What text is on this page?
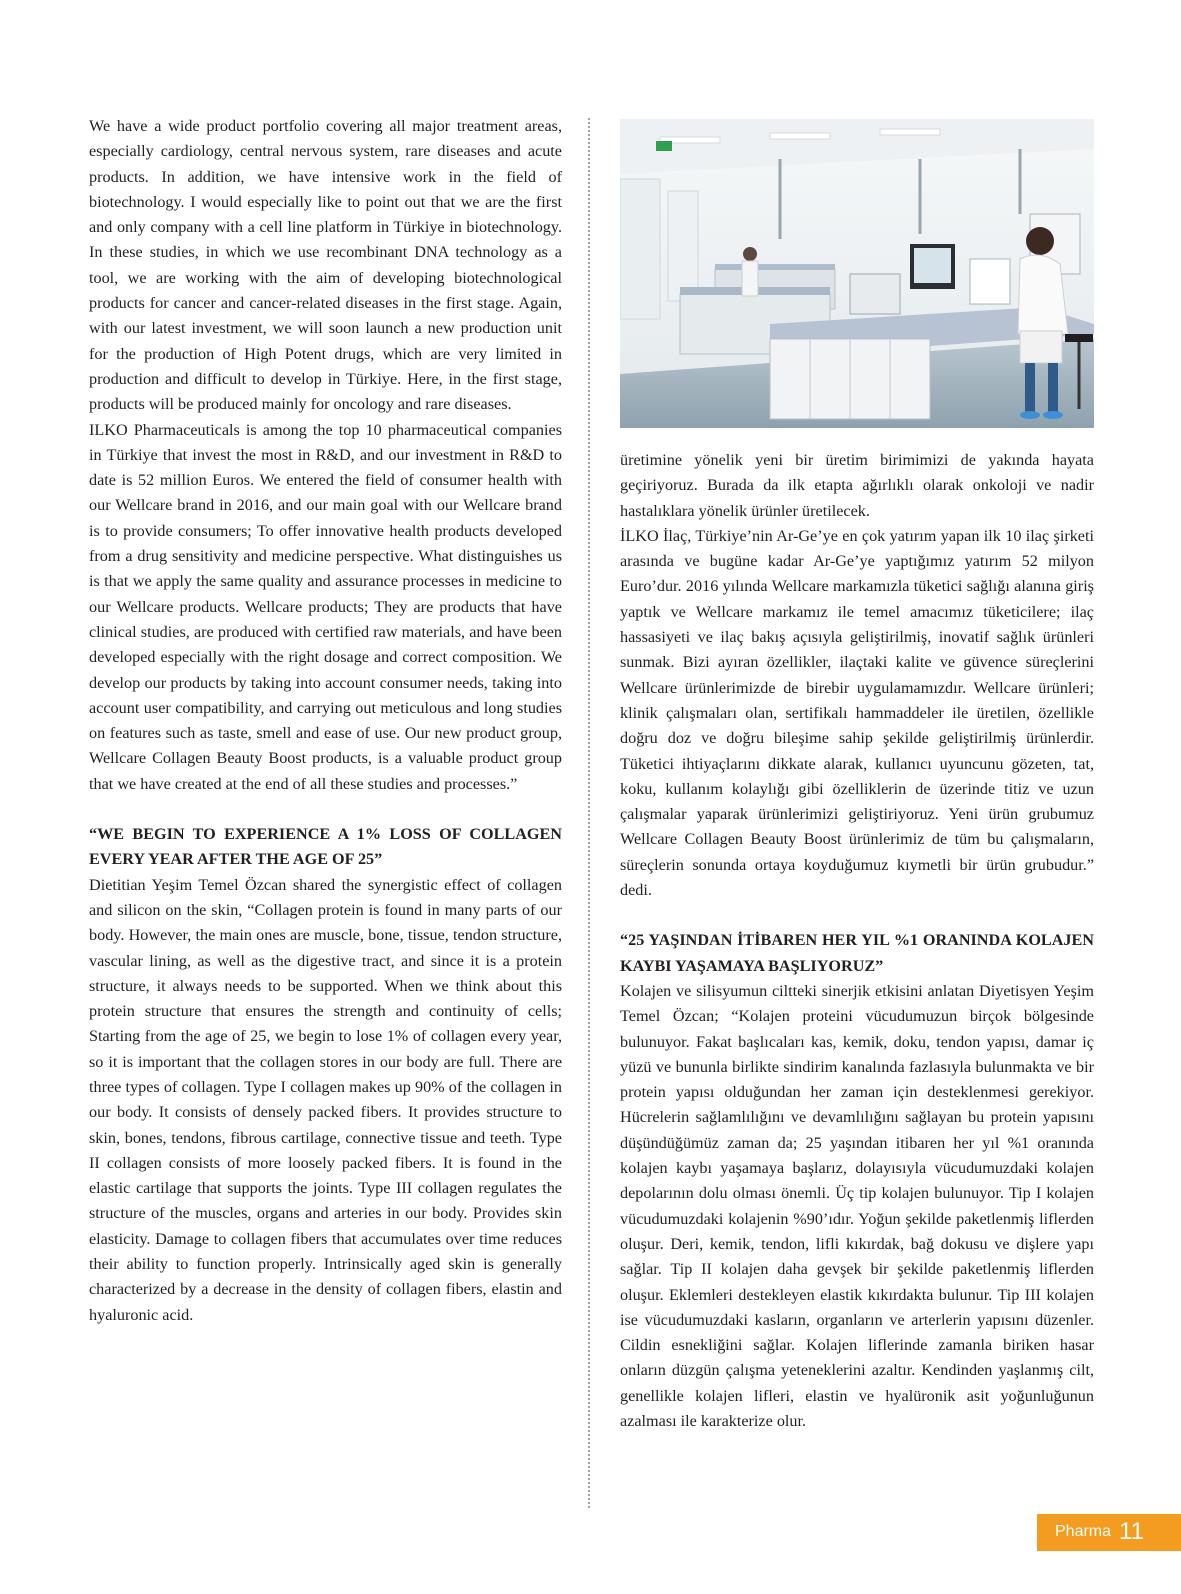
We have a wide product portfolio covering all major treatment areas, especially cardiology, central nervous system, rare diseases and acute products. In addition, we have intensive work in the field of biotechnology. I would especially like to point out that we are the first and only company with a cell line platform in Türkiye in biotechnology. In these studies, in which we use recombinant DNA technology as a tool, we are working with the aim of developing biotechnological products for cancer and cancer-related diseases in the first stage. Again, with our latest investment, we will soon launch a new production unit for the production of High Potent drugs, which are very limited in production and difficult to develop in Türkiye. Here, in the first stage, products will be produced mainly for oncology and rare diseases.

ILKO Pharmaceuticals is among the top 10 pharmaceutical companies in Türkiye that invest the most in R&D, and our investment in R&D to date is 52 million Euros. We entered the field of consumer health with our Wellcare brand in 2016, and our main goal with our Wellcare brand is to provide consumers; To offer innovative health products developed from a drug sensitivity and medicine perspective. What distinguishes us is that we apply the same quality and assurance processes in medicine to our Wellcare products. Wellcare products; They are products that have clinical studies, are produced with certified raw materials, and have been developed especially with the right dosage and correct composition. We develop our products by taking into account consumer needs, taking into account user compatibility, and carrying out meticulous and long studies on features such as taste, smell and ease of use. Our new product group, Wellcare Collagen Beauty Boost products, is a valuable product group that we have created at the end of all these studies and processes.”

“WE BEGIN TO EXPERIENCE A 1% LOSS OF COLLAGEN EVERY YEAR AFTER THE AGE OF 25”

Dietitian Yeşim Temel Özcan shared the synergistic effect of collagen and silicon on the skin, “Collagen protein is found in many parts of our body. However, the main ones are muscle, bone, tissue, tendon structure, vascular lining, as well as the digestive tract, and since it is a protein structure, it always needs to be supported. When we think about this protein structure that ensures the strength and continuity of cells; Starting from the age of 25, we begin to lose 1% of collagen every year, so it is important that the collagen stores in our body are full. There are three types of collagen. Type I collagen makes up 90% of the collagen in our body. It consists of densely packed fibers. It provides structure to skin, bones, tendons, fibrous cartilage, connective tissue and teeth. Type II collagen consists of more loosely packed fibers. It is found in the elastic cartilage that supports the joints. Type III collagen regulates the structure of the muscles, organs and arteries in our body. Provides skin elasticity. Damage to collagen fibers that accumulates over time reduces their ability to function properly. Intrinsically aged skin is generally characterized by a decrease in the density of collagen fibers, elastin and hyaluronic acid.

üretimine yönelik yeni bir üretim birimimizi de yakında hayata geçiriyoruz. Burada da ilk etapta ağırlıklı olarak onkoloji ve nadir hastalıklara yönelik ürünler üretilecek.

İLKO İlaç, Türkiye’nin Ar-Ge’ye en çok yatırım yapan ilk 10 ilaç şirketi arasında ve bugüne kadar Ar-Ge’ye yaptığımız yatırım 52 milyon Euro’dur. 2016 yılında Wellcare markamızla tüketici sağlığı alanına giriş yaptık ve Wellcare markamız ile temel amacımız tüketicilere; ilaç hassasiyeti ve ilaç bakış açısıyla geliştirilmiş, inovatif sağlık ürünleri sunmak. Bizi ayıran özellikler, ilaçtaki kalite ve güvence süreçlerini Wellcare ürünlerimizde de birebir uygulamamızdır. Wellcare ürünleri; klinik çalışmaları olan, sertifikalı hammaddeler ile üretilen, özellikle doğru doz ve doğru bileşime sahip şekilde geliştirilmiş ürünlerdir. Tüketici ihtiyaçlarını dikkate alarak, kullanıcı uyuncunu gözeten, tat, koku, kullanım kolaylığı gibi özelliklerin de üzerinde titiz ve uzun çalışmalar yaparak ürünlerimizi geliştiriyoruz. Yeni ürün grubumuz Wellcare Collagen Beauty Boost ürünlerimiz de tüm bu çalışmaların, süreçlerin sonunda ortaya koyduğumuz kıymetli bir ürün grubudur.” dedi.

“25 YAŞINDAN İTİBAREN HER YIL %1 ORANINDA KOLAJEN KAYBI YAŞAMAYA BAŞLIYORUZ”

Kolajen ve silisyumun ciltteki sinerjik etkisini anlatan Diyetisyen Yeşim Temel Özcan; “Kolajen proteini vücudumuzun birçok bölgesinde bulunuyor. Fakat başlıcaları kas, kemik, doku, tendon yapısı, damar iç yüzü ve bununla birlikte sindirim kanalında fazlasıyla bulunmakta ve bir protein yapısı olduğundan her zaman için desteklenmesi gerekiyor. Hücrelerin sağlamlılığını ve devamlılığını sağlayan bu protein yapısını düşündüğümüz zaman da; 25 yaşından itibaren her yıl %1 oranında kolajen kaybı yaşamaya başlarız, dolayısıyla vücudumuzdaki kolajen depolarının dolu olması önemli. Üç tip kolajen bulunuyor. Tip I kolajen vücudumuzdaki kolajenin %90’ıdır. Yoğun şekilde paketlenmiş liflerden oluşur. Deri, kemik, tendon, lifli kıkırdak, bağ dokusu ve dişlere yapı sağlar. Tip II kolajen daha gevşek bir şekilde paketlenmiş liflerden oluşur. Eklemleri destekleyen elastik kıkırdakta bulunur. Tip III kolajen ise vücudumuzdaki kasların, organların ve arterlerin yapısını düzenler. Cildin esnekliğini sağlar. Kolajen liflerinde zamanla biriken hasar onların düzgün çalışma yeteneklerini azaltır. Kendinden yaşlanmış cilt, genellikle kolajen lifleri, elastin ve hyalüronik asit yoğunluğunun azalması ile karakterize olur.

Pharma 11
